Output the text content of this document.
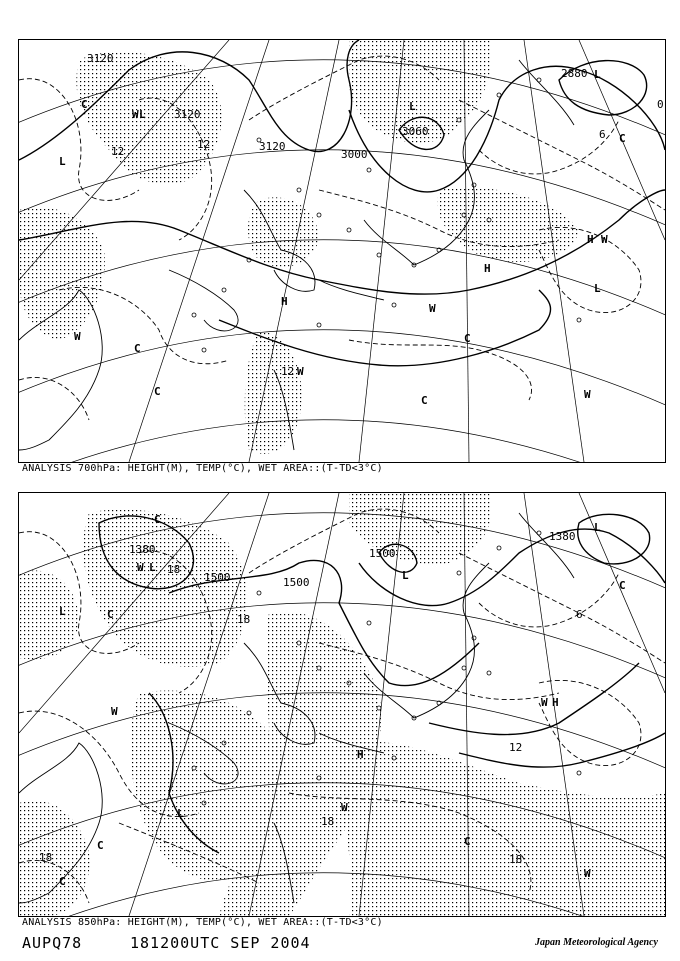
3120
3120
3120
3000
3060
2880
12
12
6
0
12
L
L
L
L
H
H
H
L
W
W
W
W
W
W
C
C
C
C
C
C
ANALYSIS 700hPa: HEIGHT(M), TEMP(°C), WET AREA::(T-TD<3°C)
1380
1500	1500
1500
1380
18
18
18
18
12
18
6
L
L
L
L
L
H
H
W
W
W
W
W
C
C
C
C
C
C
ANALYSIS 850hPa: HEIGHT(M), TEMP(°C), WET AREA::(T-TD<3°C)
AUPQ78	181200UTC SEP 2004	Japan Meteorological Agency
